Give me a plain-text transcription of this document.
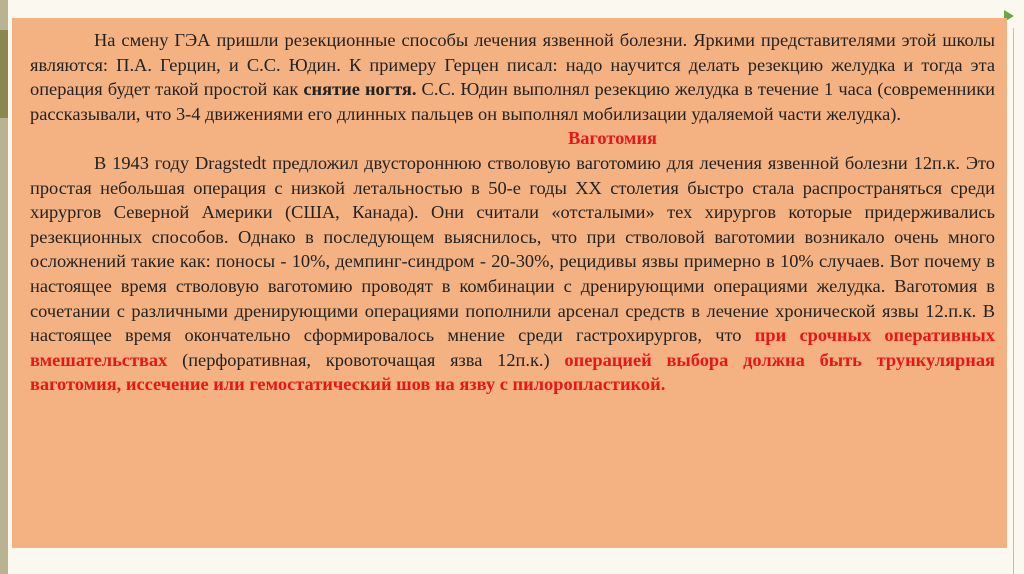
На смену ГЭА пришли резекционные способы лечения язвенной болезни. Яркими представителями этой школы являются: П.А. Герцин, и С.С. Юдин. К примеру Герцен писал: надо научится делать резекцию желудка и тогда эта операция будет такой простой как снятие ногтя. С.С. Юдин выполнял резекцию желудка в течение 1 часа (современники рассказывали, что 3-4 движениями его длинных пальцев он выполнял мобилизации удаляемой части желудка).

Ваготомия

В 1943 году Dragstedt предложил двустороннюю стволовую ваготомию для лечения язвенной болезни 12п.к. Это простая небольшая операция с низкой летальностью в 50-е годы XX столетия быстро стала распространяться среди хирургов Северной Америки (США, Канада). Они считали «отсталыми» тех хирургов которые придерживались резекционных способов. Однако в последующем выяснилось, что при стволовой ваготомии возникало очень много осложнений такие как: поносы - 10%, демпинг-синдром - 20-30%, рецидивы язвы примерно в 10% случаев. Вот почему в настоящее время стволовую ваготомию проводят в комбинации с дренирующими операциями желудка. Ваготомия в сочетании с различными дренирующими операциями пополнили арсенал средств в лечение хронической язвы 12.п.к. В настоящее время окончательно сформировалось мнение среди гастрохирургов, что при срочных оперативных вмешательствах (перфоративная, кровоточащая язва 12п.к.) операцией выбора должна быть трункулярная ваготомия, иссечение или гемостатический шов на язву с пилоропластикой.
